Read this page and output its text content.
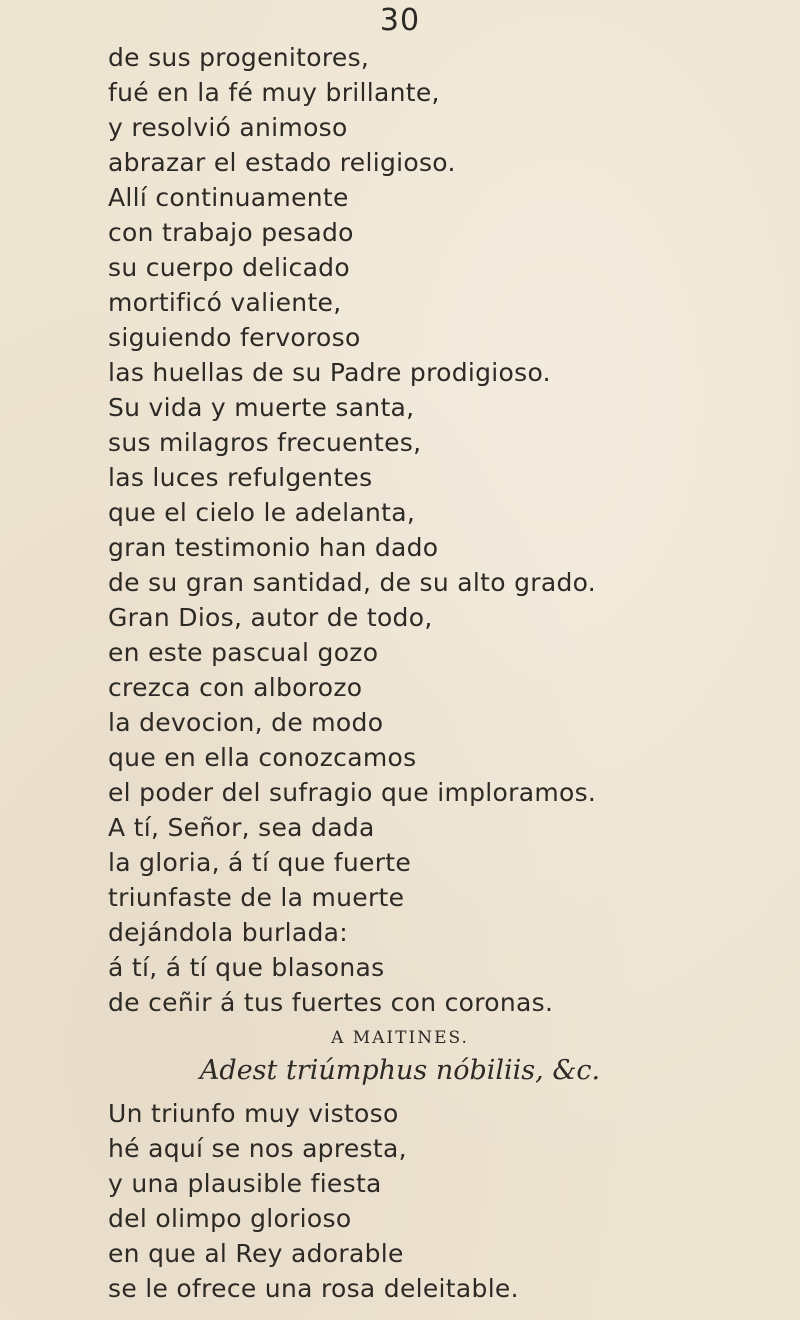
30
de sus progenitores,
fué en la fé muy brillante,
y resolvió animoso
abrazar el estado religioso.
Allí continuamente
con trabajo pesado
su cuerpo delicado
mortificó valiente,
siguiendo fervoroso
las huellas de su Padre prodigioso.
Su vida y muerte santa,
sus milagros frecuentes,
las luces refulgentes
que el cielo le adelanta,
gran testimonio han dado
de su gran santidad, de su alto grado.
Gran Dios, autor de todo,
en este pascual gozo
crezca con alborozo
la devocion, de modo
que en ella conozcamos
el poder del sufragio que imploramos.
A tí, Señor, sea dada
la gloria, á tí que fuerte
triunfaste de la muerte
dejándola burlada:
á tí, á tí que blasonas
de ceñir á tus fuertes con coronas.
A MAITINES.
Adest triúmphus nóbiliis, &c.
Un triunfo muy vistoso
hé aquí se nos apresta,
y una plausible fiesta
del olimpo glorioso
en que al Rey adorable
se le ofrece una rosa deleitable.
